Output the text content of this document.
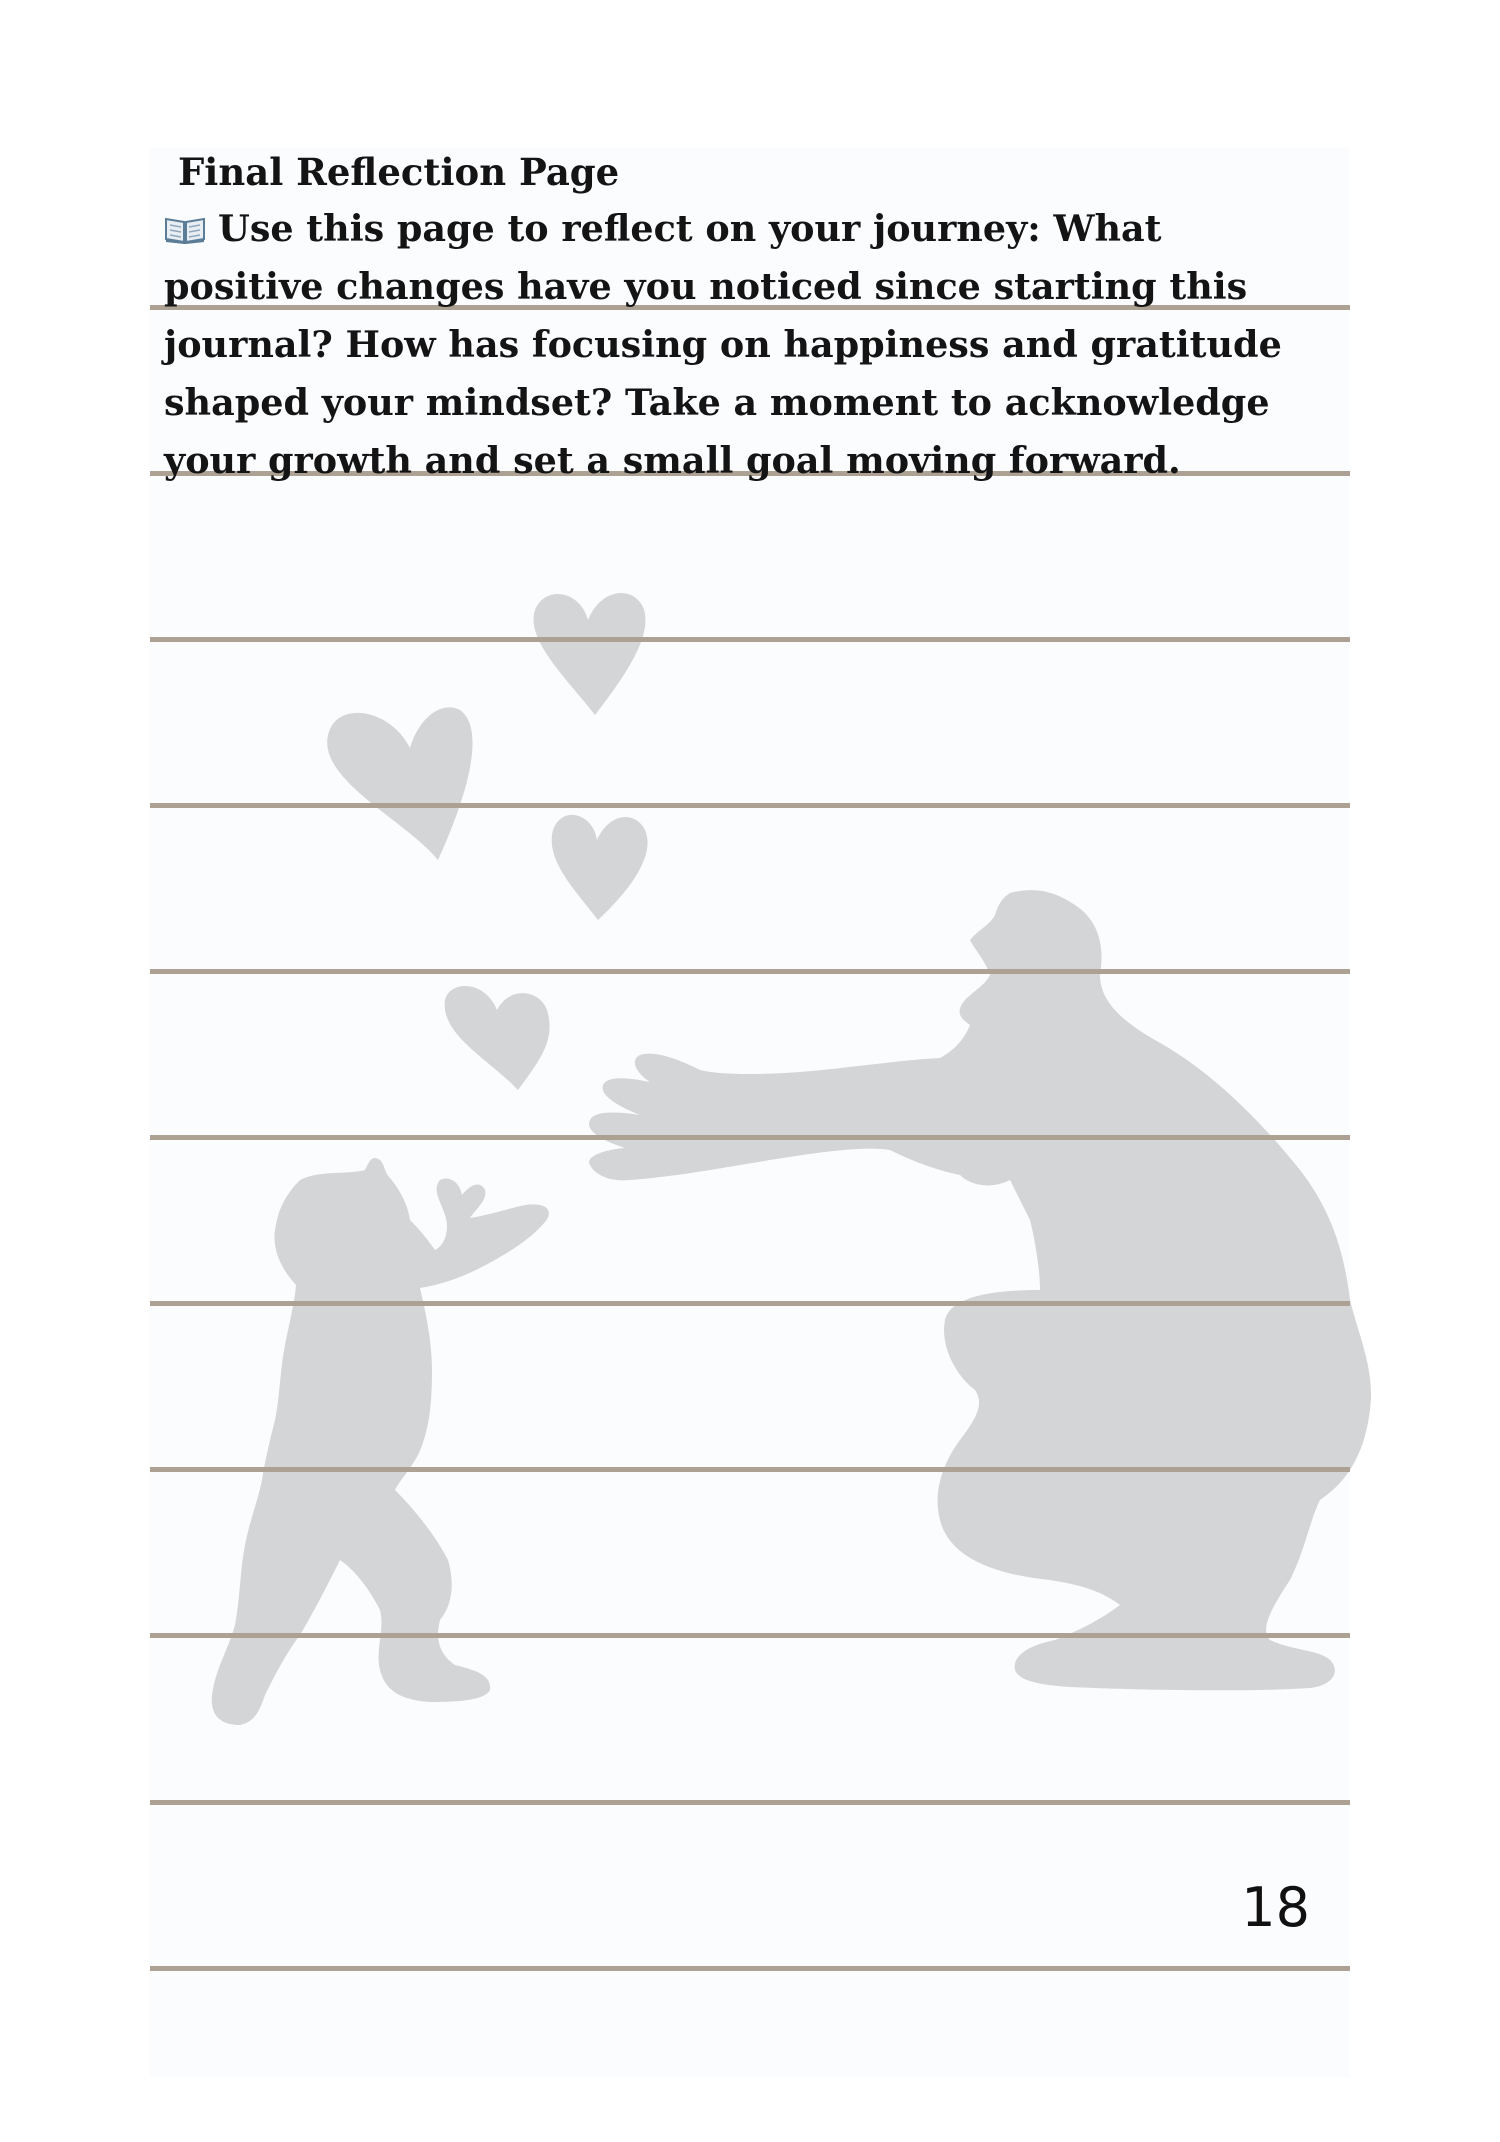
Final Reflection Page
Use this page to reflect on your journey: What
positive changes have you noticed since starting this
journal? How has focusing on happiness and gratitude
shaped your mindset? Take a moment to acknowledge
your growth and set a small goal moving forward.
18
